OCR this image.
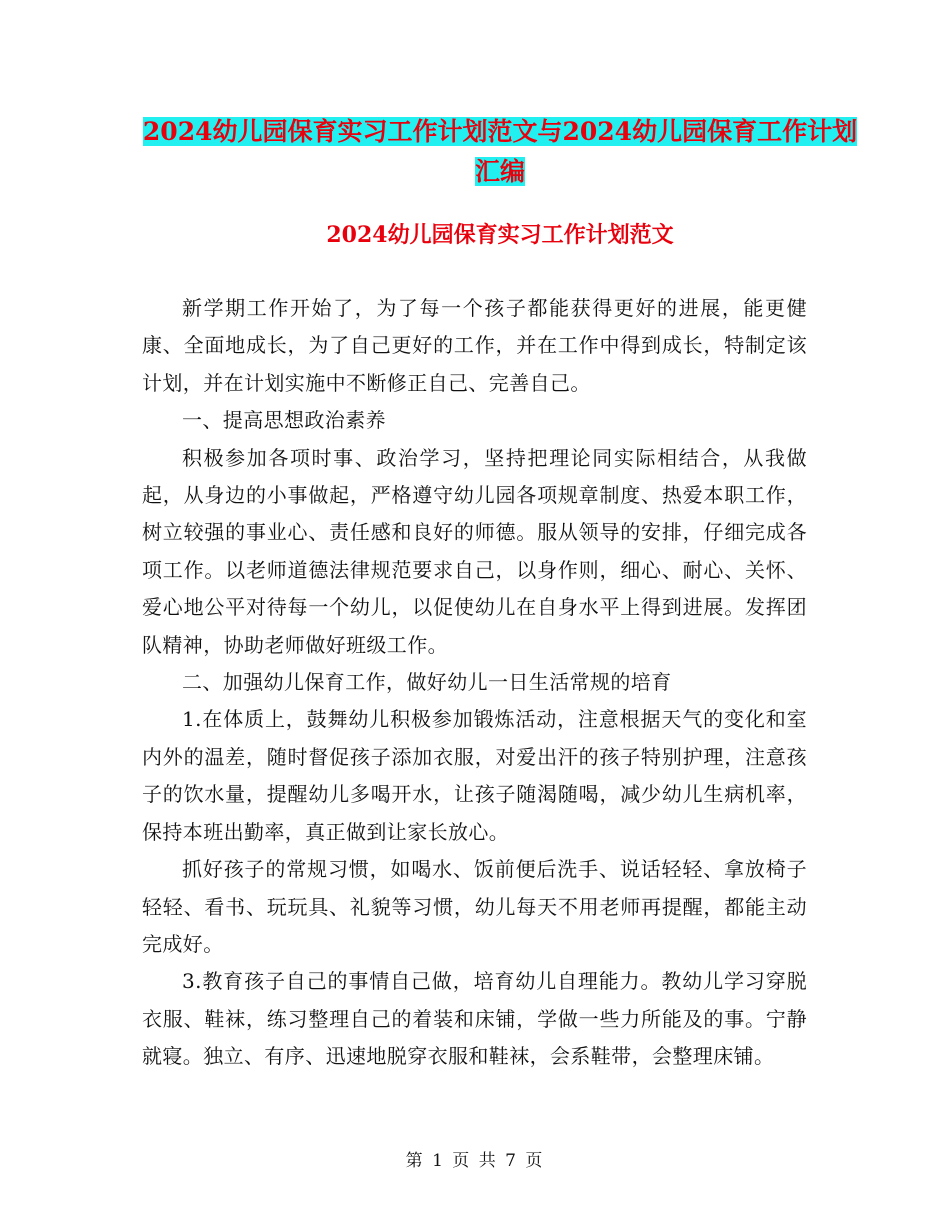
2024幼儿园保育实习工作计划范文与2024幼儿园保育工作计划汇编
2024幼儿园保育实习工作计划范文

新学期工作开始了，为了每一个孩子都能获得更好的进展，能更健康、全面地成长，为了自己更好的工作，并在工作中得到成长，特制定该计划，并在计划实施中不断修正自己、完善自己。

一、提高思想政治素养

积极参加各项时事、政治学习，坚持把理论同实际相结合，从我做起，从身边的小事做起，严格遵守幼儿园各项规章制度、热爱本职工作，树立较强的事业心、责任感和良好的师德。服从领导的安排，仔细完成各项工作。以老师道德法律规范要求自己，以身作则，细心、耐心、关怀、爱心地公平对待每一个幼儿，以促使幼儿在自身水平上得到进展。发挥团队精神，协助老师做好班级工作。

二、加强幼儿保育工作，做好幼儿一日生活常规的培育

1.在体质上，鼓舞幼儿积极参加锻炼活动，注意根据天气的变化和室内外的温差，随时督促孩子添加衣服，对爱出汗的孩子特别护理，注意孩子的饮水量，提醒幼儿多喝开水，让孩子随渴随喝，减少幼儿生病机率，保持本班出勤率，真正做到让家长放心。

抓好孩子的常规习惯，如喝水、饭前便后洗手、说话轻轻、拿放椅子轻轻、看书、玩玩具、礼貌等习惯，幼儿每天不用老师再提醒，都能主动完成好。

3.教育孩子自己的事情自己做，培育幼儿自理能力。教幼儿学习穿脱衣服、鞋袜，练习整理自己的着装和床铺，学做一些力所能及的事。宁静就寝。独立、有序、迅速地脱穿衣服和鞋袜，会系鞋带，会整理床铺。

第 1 页 共 7 页
